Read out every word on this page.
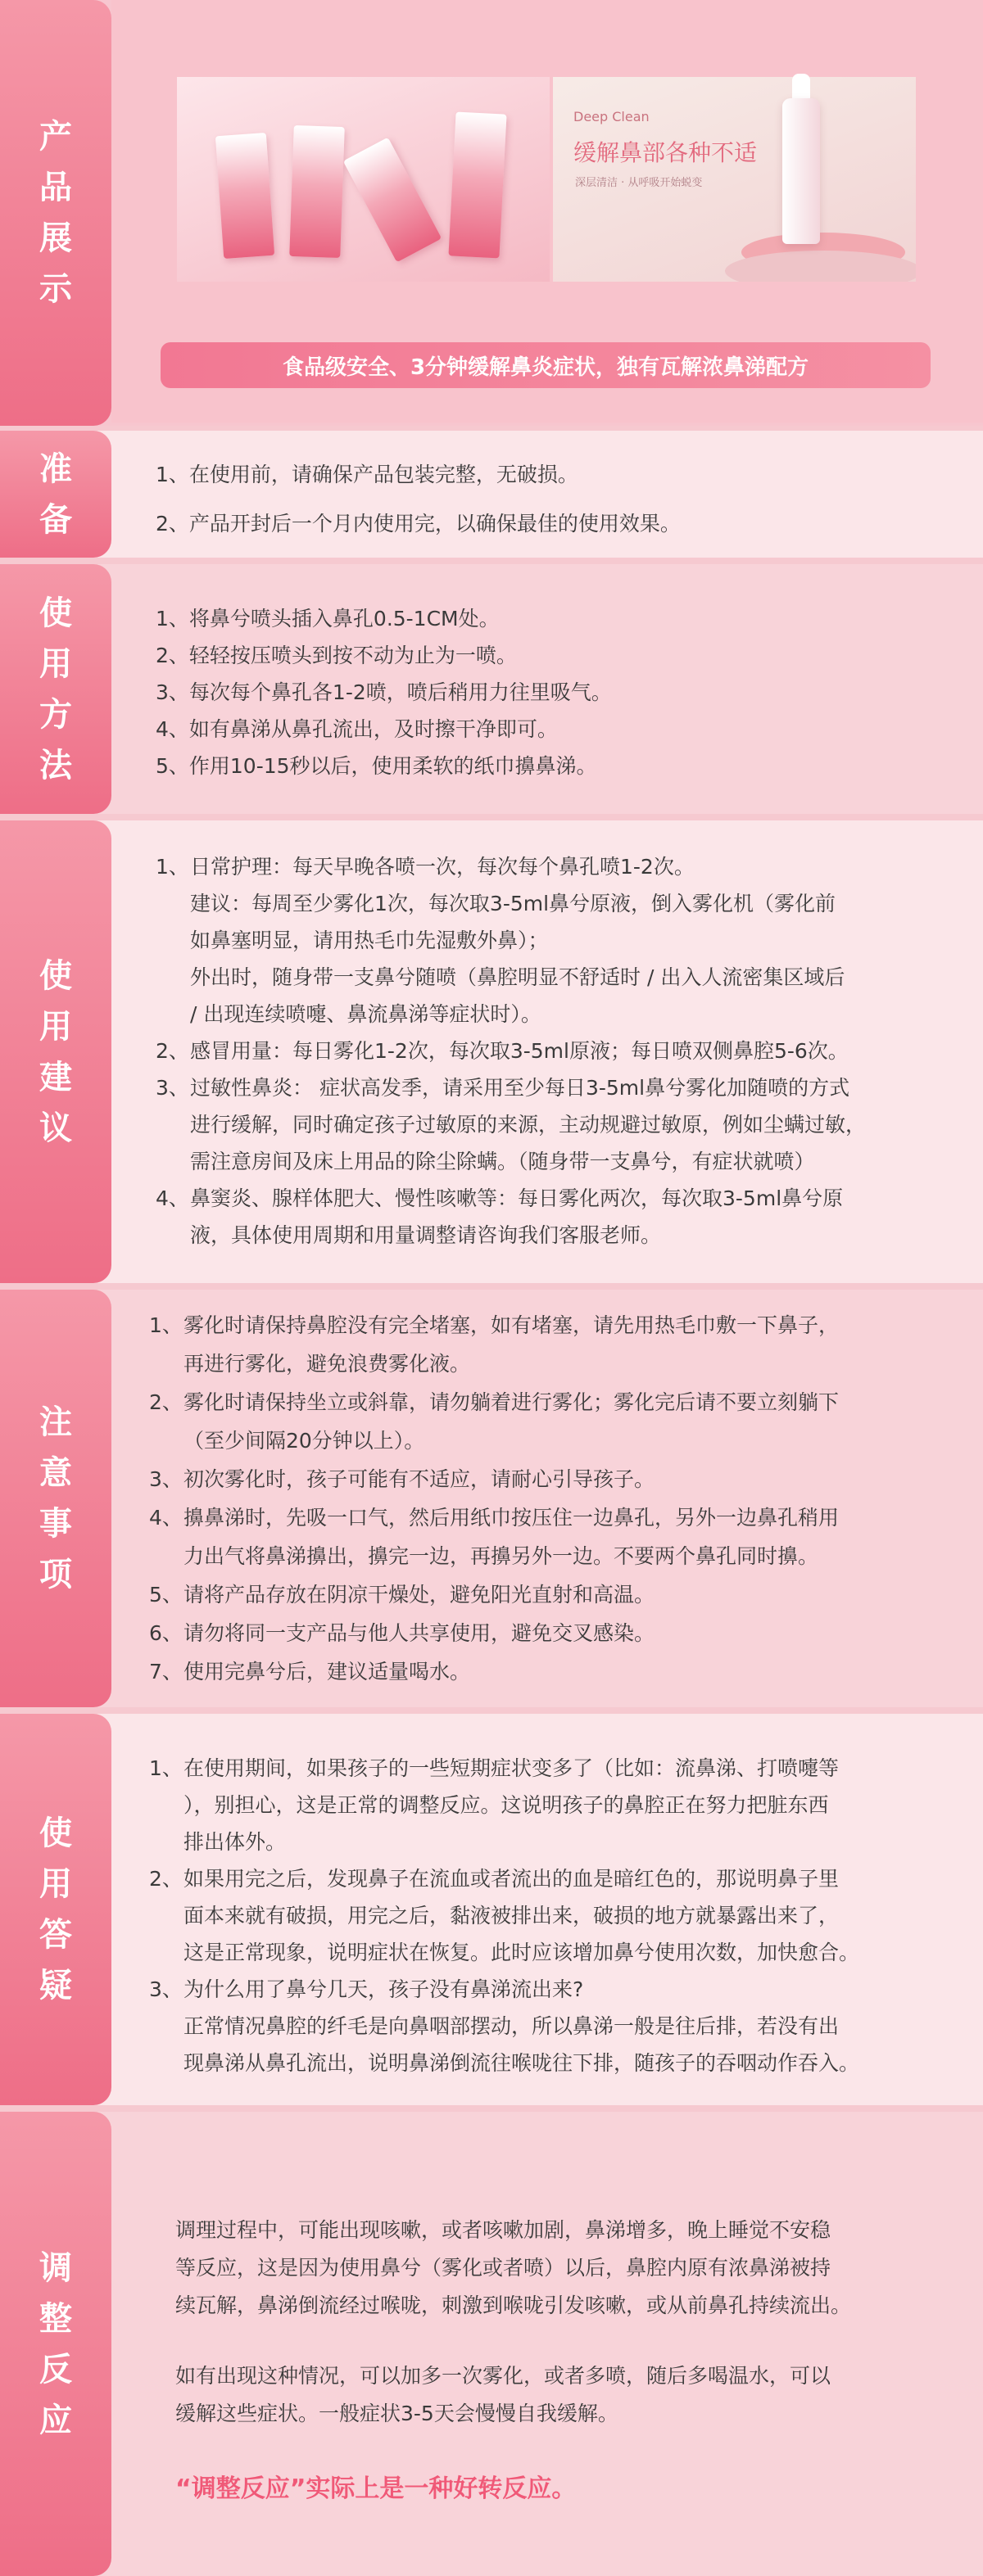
产
品
展
示
Deep Clean
缓解鼻部各种不适
深层清洁 · 从呼吸开始蜕变
食品级安全、3分钟缓解鼻炎症状，独有瓦解浓鼻涕配方
准
备
1、 在使用前，请确保产品包装完整，无破损。
2、 产品开封后一个月内使用完，以确保最佳的使用效果。
使
用
方
法
1、 将鼻兮喷头插入鼻孔0.5-1CM处。
2、 轻轻按压喷头到按不动为止为一喷。
3、 每次每个鼻孔各1-2喷，喷后稍用力往里吸气。
4、 如有鼻涕从鼻孔流出，及时擦干净即可。
5、 作用10-15秒以后，使用柔软的纸巾擤鼻涕。
使
用
建
议
1、 日常护理：每天早晚各喷一次，每次每个鼻孔喷1-2次。
建议：每周至少雾化1次，每次取3-5ml鼻兮原液，倒入雾化机（雾化前
如鼻塞明显，请用热毛巾先湿敷外鼻）；
外出时，随身带一支鼻兮随喷（鼻腔明显不舒适时 / 出入人流密集区域后
/ 出现连续喷嚏、鼻流鼻涕等症状时）。
2、 感冒用量：每日雾化1-2次，每次取3-5ml原液；每日喷双侧鼻腔5-6次。
3、 过敏性鼻炎： 症状高发季，请采用至少每日3-5ml鼻兮雾化加随喷的方式
进行缓解，同时确定孩子过敏原的来源，主动规避过敏原，例如尘螨过敏，
需注意房间及床上用品的除尘除螨。（随身带一支鼻兮，有症状就喷）
4、 鼻窦炎、腺样体肥大、慢性咳嗽等：每日雾化两次，每次取3-5ml鼻兮原
液，具体使用周期和用量调整请咨询我们客服老师。
注
意
事
项
1、 雾化时请保持鼻腔没有完全堵塞，如有堵塞，请先用热毛巾敷一下鼻子，
再进行雾化，避免浪费雾化液。
2、 雾化时请保持坐立或斜靠，请勿躺着进行雾化；雾化完后请不要立刻躺下
（至少间隔20分钟以上）。
3、 初次雾化时，孩子可能有不适应，请耐心引导孩子。
4、 擤鼻涕时，先吸一口气，然后用纸巾按压住一边鼻孔，另外一边鼻孔稍用
力出气将鼻涕擤出，擤完一边，再擤另外一边。不要两个鼻孔同时擤。
5、 请将产品存放在阴凉干燥处，避免阳光直射和高温。
6、 请勿将同一支产品与他人共享使用，避免交叉感染。
7、 使用完鼻兮后，建议适量喝水。
使
用
答
疑
1、 在使用期间，如果孩子的一些短期症状变多了（比如：流鼻涕、打喷嚏等
），别担心，这是正常的调整反应。这说明孩子的鼻腔正在努力把脏东西
排出体外。
2、 如果用完之后，发现鼻子在流血或者流出的血是暗红色的，那说明鼻子里
面本来就有破损，用完之后，黏液被排出来，破损的地方就暴露出来了，
这是正常现象，说明症状在恢复。此时应该增加鼻兮使用次数，加快愈合。
3、 为什么用了鼻兮几天，孩子没有鼻涕流出来?
正常情况鼻腔的纤毛是向鼻咽部摆动，所以鼻涕一般是往后排，若没有出
现鼻涕从鼻孔流出，说明鼻涕倒流往喉咙往下排，随孩子的吞咽动作吞入。
调
整
反
应

调理过程中，可能出现咳嗽，或者咳嗽加剧，鼻涕增多，晚上睡觉不安稳

等反应，这是因为使用鼻兮（雾化或者喷）以后，鼻腔内原有浓鼻涕被持

续瓦解，鼻涕倒流经过喉咙，刺激到喉咙引发咳嗽，或从前鼻孔持续流出。

如有出现这种情况，可以加多一次雾化，或者多喷，随后多喝温水，可以

缓解这些症状。一般症状3-5天会慢慢自我缓解。

“调整反应”实际上是一种好转反应。
